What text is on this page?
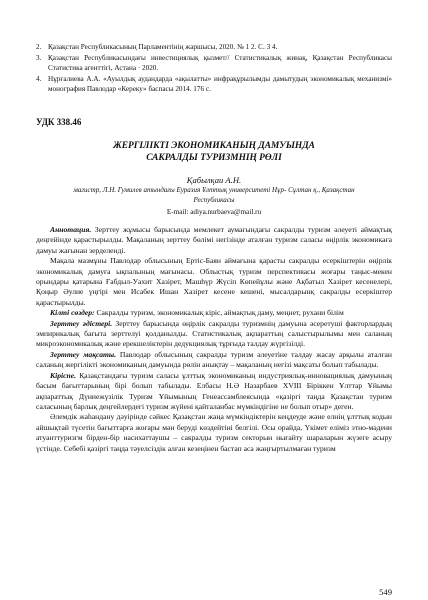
2. Қазақстан Республикасының Парламентінің жаршысы, 2020. № 1 2. С. 3 4.
3. Қазақстан Республикасындағы инвестициялық қызмет// Статистикалық жинақ, Қазақстан Республикасы Статистика агенттігі, Астана · 2020.
4. Нұрғалиева А.А. «Ауылдық аудандарда «ақылатты» инфрақұрылымды дамытудың экономикалық механизмі» монография Павлодар «Кереку» баспасы 2014. 176 с.
УДК 338.46
ЖЕРГІЛІКТІ ЭКОНОМИКАНЫҢ ДАМУЫНДА
САКРАЛДЫ ТУРИЗМНІҢ РӨЛІ
Қабылқаи А.Н.
магистр, Л.Н. Гумилев атындағы Еуразия Ұлттық университеті Нұр- Сұлтан қ., Қазақстан
Республикасы
E-mail: adiya.nurbaeva@mail.ru

Аннотация. Зерттеу жұмысы барысында мемлекет аумағындағы сакралды туризм әлеуеті аймақтық деңгейінде қарастырылды. Мақаланың зерттеу бөлімі негізінде аталған туризм саласы өңірлік экономикаға дамуы жағынан зерделенді.

Мақала мазмұны Павлодар облысының Ертіс-Баян аймағына қарасты сакралды есеркіштерін өңірлік экономикалық дамуға ықпалының мағынасы. Облыстық туризм перспективасы жоғары таңыс-мекен орындары қатарына Ғабдыл-Уахит Хазірет, Машһүр Жүсіп Көпейұлы және Ақбатыл Хазірет кесенелері, Қоңыр Әулие үңгірі мен Исабек Ишан Хазірет кесене кешені, мысалдарынқ сакралды есеркіштер қарастырылды.

Кілті сөздер: Сакралды туризм, экономикалық кіріс, аймақтық даму, меңнет, рухани білім

Зерттеу әдістері. Зерттеу барысында өңірлік сакралды туризмнің дамуына әсеретуші факторлардың эмпирикалық бағыта зерттелуі қолданылды. Статистикалық ақпараттың салыстырылымы мен саланың микроэкономикалық және ерекшеліктерін дедукциялық тұрғыда талдау жүргізілді.

Зерттеу мақсаты. Павлодар облысының сакралды туризм әлеуетіне талдау жасау арқылы аталған саланың жергілікті экономиканың дамуында рөлін анықтау – мақаланың негізі мақсаты болып табылады.

Кіріспе. Қазақстандағы туризм саласы ұлттық экономиканың индустриялық-инновациялық дамуының басым бағыттарының бірі болып табылады. Елбасы Н.Ә Назарбаев XVIII Біріккен Ұлттар Ұйымы ақпараттық Дүниежүзілік Туризм Ұйымының Генеассамблеясында «қазіргі таңда Қазақстан туризм саласының барлық деңгейлердегі туризм жүйені қайталанбас мүмкіндігіне не болып отыр» деген.

Әлемдік жаһандану дәуірінде сәйкес Қазақстан жаңа мүмкіндіктерін кеңдеуде және елнің ұлттық кодын айшықтай түсетін бағыттарға жоғары мән беруді көздейтіні белгілі. Осы орайда, Үкімет еліміз этно-мәдени атуанттуризгм бірден-бір насихаттаушы – сакралды туризм секторын нығайту шараларын жүзеге асыру үстінде. Себебі қазіргі таңда тәуелсіздік алған кезеңінен бастап аса жаңғыртылмаған туризм

549
